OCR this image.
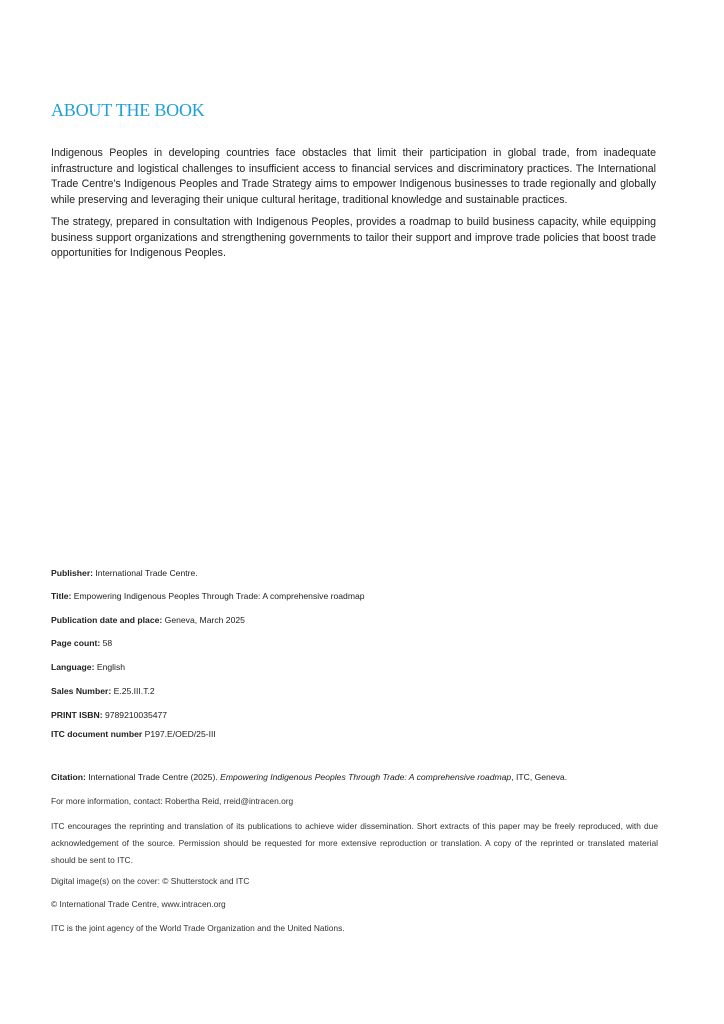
ABOUT THE BOOK

Indigenous Peoples in developing countries face obstacles that limit their participation in global trade, from inadequate infrastructure and logistical challenges to insufficient access to financial services and discriminatory practices. The International Trade Centre’s Indigenous Peoples and Trade Strategy aims to empower Indigenous businesses to trade regionally and globally while preserving and leveraging their unique cultural heritage, traditional knowledge and sustainable practices.

The strategy, prepared in consultation with Indigenous Peoples, provides a roadmap to build business capacity, while equipping business support organizations and strengthening governments to tailor their support and improve trade policies that boost trade opportunities for Indigenous Peoples.

Publisher: International Trade Centre.
Title: Empowering Indigenous Peoples Through Trade: A comprehensive roadmap
Publication date and place: Geneva, March 2025
Page count: 58
Language: English
Sales Number: E.25.III.T.2
PRINT ISBN: 9789210035477
ITC document number P197.E/OED/25-III
Citation: International Trade Centre (2025). Empowering Indigenous Peoples Through Trade: A comprehensive roadmap, ITC, Geneva.
For more information, contact: Robertha Reid, rreid@intracen.org
ITC encourages the reprinting and translation of its publications to achieve wider dissemination. Short extracts of this paper may be freely reproduced, with due acknowledgement of the source. Permission should be requested for more extensive reproduction or translation. A copy of the reprinted or translated material should be sent to ITC.
Digital image(s) on the cover: © Shutterstock and ITC
© International Trade Centre, www.intracen.org
ITC is the joint agency of the World Trade Organization and the United Nations.
